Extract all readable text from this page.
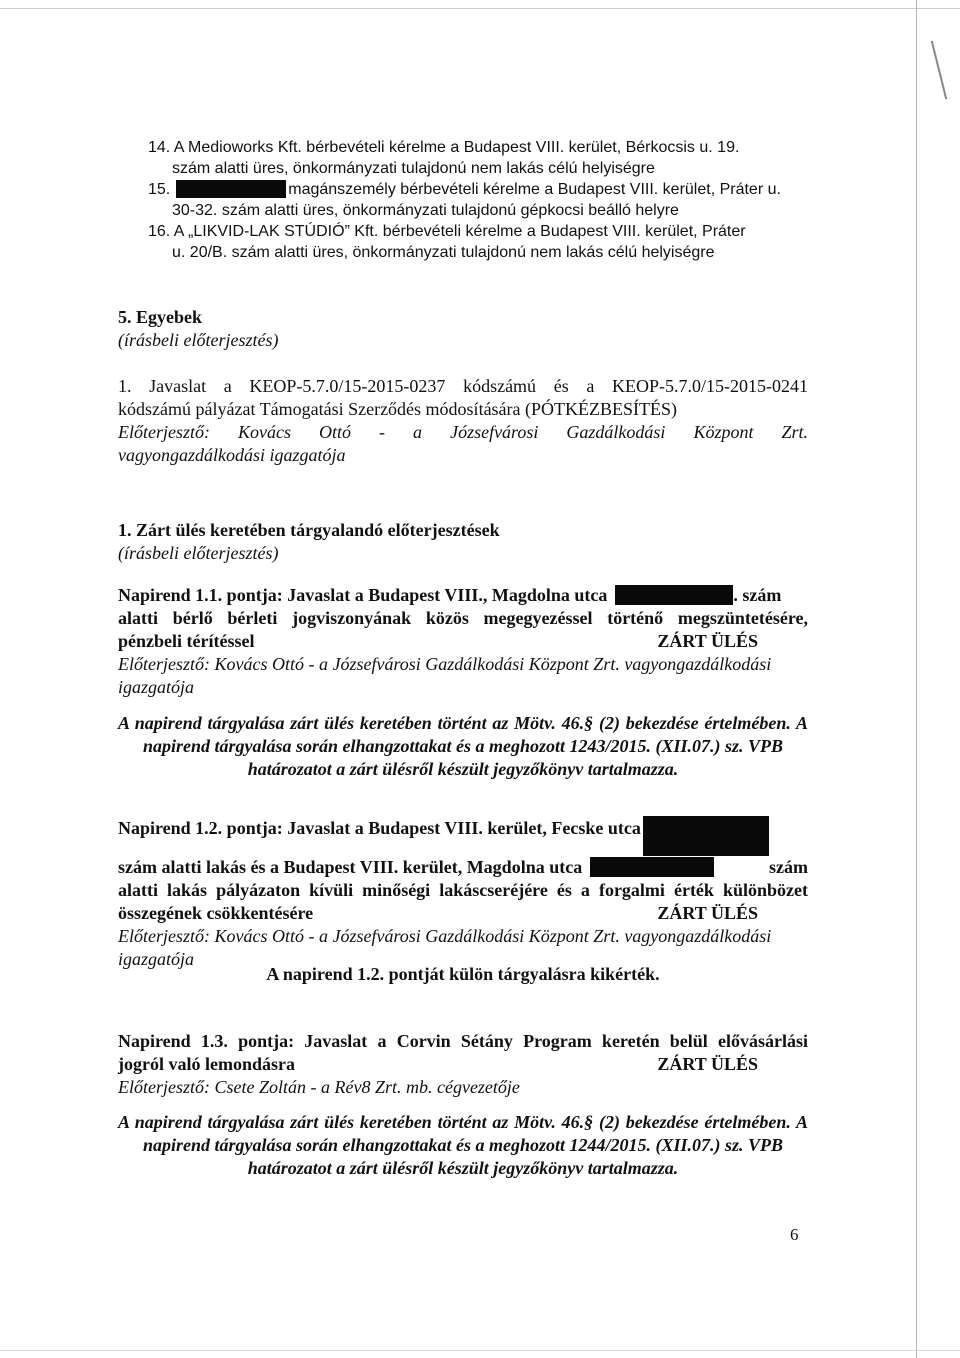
14. A Medioworks Kft. bérbevételi kérelme a Budapest VIII. kerület, Bérkocsis u. 19.
szám alatti üres, önkormányzati tulajdonú nem lakás célú helyiségre
15.	magánszemély bérbevételi kérelme a Budapest VIII. kerület, Práter u.
30-32. szám alatti üres, önkormányzati tulajdonú gépkocsi beálló helyre
16. A „LIKVID-LAK STÚDIÓ” Kft. bérbevételi kérelme a Budapest VIII. kerület, Práter
u. 20/B. szám alatti üres, önkormányzati tulajdonú nem lakás célú helyiségre
5. Egyebek
(írásbeli előterjesztés)
1. Javaslat a KEOP-5.7.0/15-2015-0237 kódszámú és a KEOP-5.7.0/15-2015-0241
kódszámú pályázat Támogatási Szerződés módosítására (PÓTKÉZBESÍTÉS)
Előterjesztő: Kovács Ottó - a Józsefvárosi Gazdálkodási Központ Zrt.
vagyongazdálkodási igazgatója
1. Zárt ülés keretében tárgyalandó előterjesztések
(írásbeli előterjesztés)
Napirend 1.1. pontja: Javaslat a Budapest VIII., Magdolna utca	. szám
alatti bérlő bérleti jogviszonyának közös megegyezéssel történő megszüntetésére,
pénzbeli térítéssel	ZÁRT ÜLÉS
Előterjesztő: Kovács Ottó - a Józsefvárosi Gazdálkodási Központ Zrt. vagyongazdálkodási
igazgatója
A napirend tárgyalása zárt ülés keretében történt az Mötv. 46.§ (2) bekezdése értelmében. A
napirend tárgyalása során elhangzottakat és a meghozott 1243/2015. (XII.07.) sz. VPB
határozatot a zárt ülésről készült jegyzőkönyv tartalmazza.
Napirend 1.2. pontja: Javaslat a Budapest VIII. kerület, Fecske utca
szám alatti lakás és a Budapest VIII. kerület, Magdolna utca	szám
alatti lakás pályázaton kívüli minőségi lakáscseréjére és a forgalmi érték különbözet
összegének csökkentésére	ZÁRT ÜLÉS
Előterjesztő: Kovács Ottó - a Józsefvárosi Gazdálkodási Központ Zrt. vagyongazdálkodási
igazgatója
A napirend 1.2. pontját külön tárgyalásra kikérték.
Napirend 1.3. pontja: Javaslat a Corvin Sétány Program keretén belül elővásárlási
jogról való lemondásra	ZÁRT ÜLÉS
Előterjesztő: Csete Zoltán - a Rév8 Zrt. mb. cégvezetője
A napirend tárgyalása zárt ülés keretében történt az Mötv. 46.§ (2) bekezdése értelmében. A
napirend tárgyalása során elhangzottakat és a meghozott 1244/2015. (XII.07.) sz. VPB
határozatot a zárt ülésről készült jegyzőkönyv tartalmazza.
6
